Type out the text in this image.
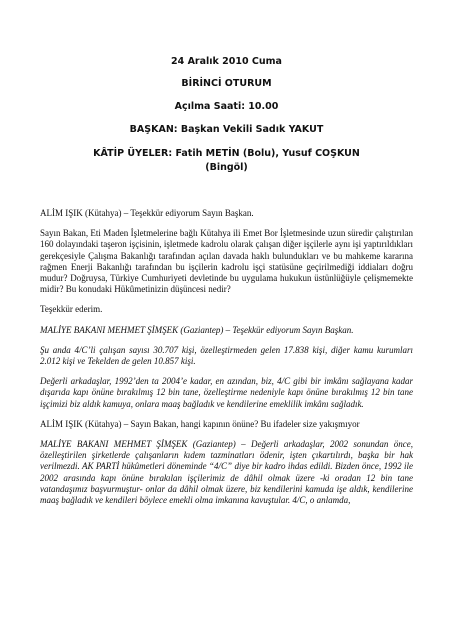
24 Aralık 2010 Cuma
BİRİNCİ OTURUM
Açılma Saati: 10.00
BAŞKAN: Başkan Vekili Sadık YAKUT
KÂTİP ÜYELER: Fatih METİN (Bolu), Yusuf COŞKUN (Bingöl)

ALİM IŞIK (Kütahya) – Teşekkür ediyorum Sayın Başkan.

Sayın Bakan, Eti Maden İşletmelerine bağlı Kütahya ili Emet Bor İşletmesinde uzun süredir çalıştırılan 160 dolayındaki taşeron işçisinin, işletmede kadrolu olarak çalışan diğer işçilerle aynı işi yaptırıldıkları gerekçesiyle Çalışma Bakanlığı tarafından açılan davada haklı bulundukları ve bu mahkeme kararına rağmen Enerji Bakanlığı tarafından bu işçilerin kadrolu işçi statüsüne geçirilmediği iddiaları doğru mudur? Doğruysa, Türkiye Cumhuriyeti devletinde bu uygulama hukukun üstünlüğüyle çelişmemekte midir? Bu konudaki Hükûmetinizin düşüncesi nedir?

Teşekkür ederim.

MALİYE BAKANI MEHMET ŞİMŞEK (Gaziantep) – Teşekkür ediyorum Sayın Başkan.

Şu anda 4/C’li çalışan sayısı 30.707 kişi, özelleştirmeden gelen 17.838 kişi, diğer kamu kurumları 2.012 kişi ve Tekelden de gelen 10.857 kişi.

Değerli arkadaşlar, 1992’den ta 2004’e kadar, en azından, biz, 4/C gibi bir imkânı sağlayana kadar dışarıda kapı önüne bırakılmış 12 bin tane, özelleştirme nedeniyle kapı önüne bırakılmış 12 bin tane işçimizi biz aldık kamuya, onlara maaş bağladık ve kendilerine emeklilik imkânı sağladık.

ALİM IŞIK (Kütahya) – Sayın Bakan, hangi kapının önüne? Bu ifadeler size yakışmıyor

MALİYE BAKANI MEHMET ŞİMŞEK (Gaziantep) – Değerli arkadaşlar, 2002 sonundan önce, özelleştirilen şirketlerde çalışanların kıdem tazminatları ödenir, işten çıkartılırdı, başka bir hak verilmezdi. AK PARTİ hükûmetleri döneminde “4/C” diye bir kadro ihdas edildi. Bizden önce, 1992 ile 2002 arasında kapı önüne bırakılan işçilerimiz de dâhil olmak üzere -ki oradan 12 bin tane vatandaşımız başvurmuştur- onlar da dâhil olmak üzere, biz kendilerini kamuda işe aldık, kendilerine maaş bağladık ve kendileri böylece emekli olma imkanına kavuştular. 4/C, o anlamda,
